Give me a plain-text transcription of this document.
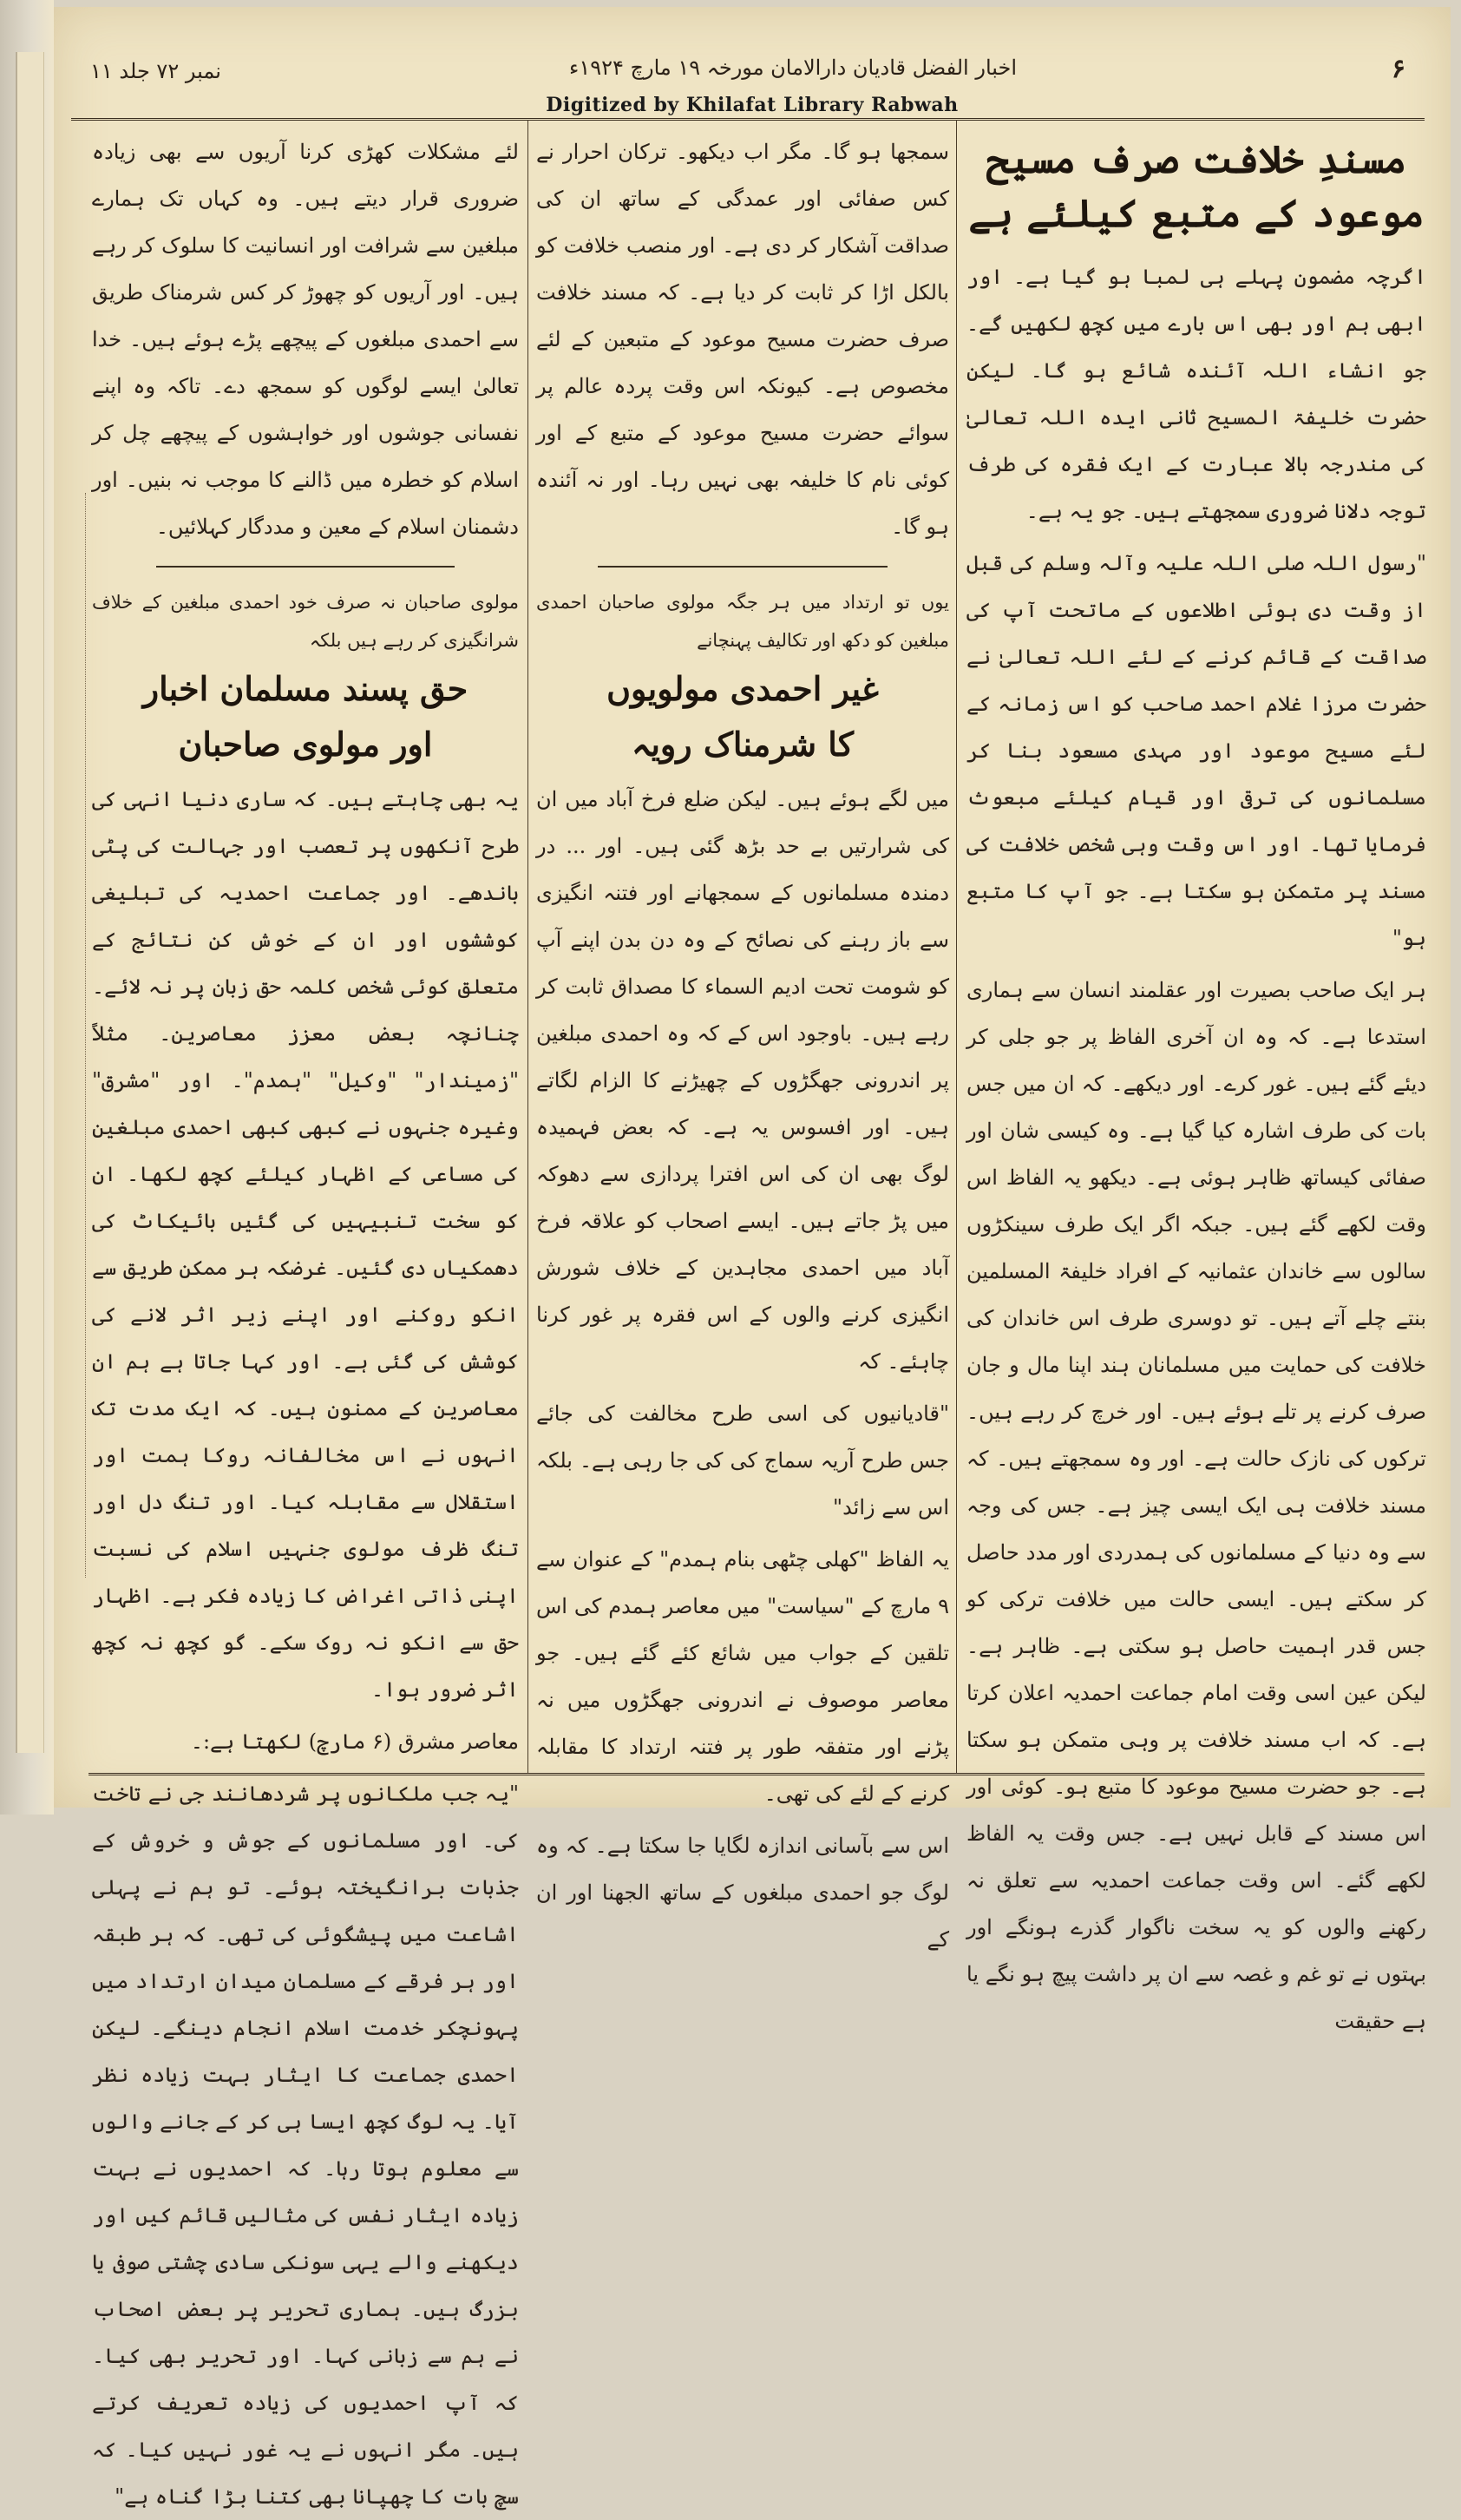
۶
اخبار الفضل قادیان دارالامان مورخہ ۱۹ مارچ ۱۹۲۴ء
نمبر ۷۲ جلد ۱۱
Digitized by Khilafat Library Rabwah
مسندِ خلافت صرف مسیح موعود کے متبع کیلئے ہے

اگرچہ مضمون پہلے ہی لمبا ہو گیا ہے۔ اور ابھی ہم اور بھی اس بارے میں کچھ لکھیں گے۔ جو انشاء اللہ آئندہ شائع ہو گا۔ لیکن حضرت خلیفۃ المسیح ثانی ایدہ اللہ تعالیٰ کی مندرجہ بالا عبارت کے ایک فقرہ کی طرف توجہ دلانا ضروری سمجھتے ہیں۔ جو یہ ہے۔

"رسول اللہ صلی اللہ علیہ وآلہ وسلم کی قبل از وقت دی ہوئی اطلاعوں کے ماتحت آپ کی صداقت کے قائم کرنے کے لئے اللہ تعالیٰ نے حضرت مرزا غلام احمد صاحب کو اس زمانہ کے لئے مسیح موعود اور مہدی مسعود بنا کر مسلمانوں کی ترقی اور قیام کیلئے مبعوث فرمایا تھا۔ اور اس وقت وہی شخص خلافت کی مسند پر متمکن ہو سکتا ہے۔ جو آپ کا متبع ہو"

ہر ایک صاحب بصیرت اور عقلمند انسان سے ہماری استدعا ہے۔ کہ وہ ان آخری الفاظ پر جو جلی کر دیئے گئے ہیں۔ غور کرے۔ اور دیکھے۔ کہ ان میں جس بات کی طرف اشارہ کیا گیا ہے۔ وہ کیسی شان اور صفائی کیساتھ ظاہر ہوئی ہے۔ دیکھو یہ الفاظ اس وقت لکھے گئے ہیں۔ جبکہ اگر ایک طرف سینکڑوں سالوں سے خاندان عثمانیہ کے افراد خلیفۃ المسلمین بنتے چلے آتے ہیں۔ تو دوسری طرف اس خاندان کی خلافت کی حمایت میں مسلمانان ہند اپنا مال و جان صرف کرنے پر تلے ہوئے ہیں۔ اور خرچ کر رہے ہیں۔ ترکوں کی نازک حالت ہے۔ اور وہ سمجھتے ہیں۔ کہ مسند خلافت ہی ایک ایسی چیز ہے۔ جس کی وجہ سے وہ دنیا کے مسلمانوں کی ہمدردی اور مدد حاصل کر سکتے ہیں۔ ایسی حالت میں خلافت ترکی کو جس قدر اہمیت حاصل ہو سکتی ہے۔ ظاہر ہے۔ لیکن عین اسی وقت امام جماعت احمدیہ اعلان کرتا ہے۔ کہ اب مسند خلافت پر وہی متمکن ہو سکتا ہے۔ جو حضرت مسیح موعود کا متبع ہو۔ کوئی اور اس مسند کے قابل نہیں ہے۔ جس وقت یہ الفاظ لکھے گئے۔ اس وقت جماعت احمدیہ سے تعلق نہ رکھنے والوں کو یہ سخت ناگوار گذرے ہونگے اور بہتوں نے تو غم و غصہ سے ان پر داشت پیچ ہو نگے یا ہے حقیقت

سمجھا ہو گا۔ مگر اب دیکھو۔ ترکان احرار نے کس صفائی اور عمدگی کے ساتھ ان کی صداقت آشکار کر دی ہے۔ اور منصب خلافت کو بالکل اڑا کر ثابت کر دیا ہے۔ کہ مسند خلافت صرف حضرت مسیح موعود کے متبعین کے لئے مخصوص ہے۔ کیونکہ اس وقت پردہ عالم پر سوائے حضرت مسیح موعود کے متبع کے اور کوئی نام کا خلیفہ بھی نہیں رہا۔ اور نہ آئندہ ہو گا۔

یوں تو ارتداد میں ہر جگہ مولوی صاحبان احمدی مبلغین کو دکھ اور تکالیف پہنچانے

غیر احمدی مولویوں
کا شرمناک رویہ

میں لگے ہوئے ہیں۔ لیکن ضلع فرخ آباد میں ان کی شرارتیں بے حد بڑھ گئی ہیں۔ اور ... در دمندہ مسلمانوں کے سمجھانے اور فتنہ انگیزی سے باز رہنے کی نصائح کے وہ دن بدن اپنے آپ کو شومت تحت ادیم السماء کا مصداق ثابت کر رہے ہیں۔ باوجود اس کے کہ وہ احمدی مبلغین پر اندرونی جھگڑوں کے چھیڑنے کا الزام لگاتے ہیں۔ اور افسوس یہ ہے۔ کہ بعض فہمیدہ لوگ بھی ان کی اس افترا پردازی سے دھوکہ میں پڑ جاتے ہیں۔ ایسے اصحاب کو علاقہ فرخ آباد میں احمدی مجاہدین کے خلاف شورش انگیزی کرنے والوں کے اس فقرہ پر غور کرنا چاہئے۔ کہ

"قادیانیوں کی اسی طرح مخالفت کی جائے جس طرح آریہ سماج کی کی جا رہی ہے۔ بلکہ اس سے زائد"

یہ الفاظ "کھلی چٹھی بنام ہمدم" کے عنوان سے ۹ مارچ کے "سیاست" میں معاصر ہمدم کی اس تلقین کے جواب میں شائع کئے گئے ہیں۔ جو معاصر موصوف نے اندرونی جھگڑوں میں نہ پڑنے اور متفقہ طور پر فتنہ ارتداد کا مقابلہ کرنے کے لئے کی تھی۔

اس سے بآسانی اندازہ لگایا جا سکتا ہے۔ کہ وہ لوگ جو احمدی مبلغوں کے ساتھ الجھنا اور ان کے

لئے مشکلات کھڑی کرنا آریوں سے بھی زیادہ ضروری قرار دیتے ہیں۔ وہ کہاں تک ہمارے مبلغین سے شرافت اور انسانیت کا سلوک کر رہے ہیں۔ اور آریوں کو چھوڑ کر کس شرمناک طریق سے احمدی مبلغوں کے پیچھے پڑے ہوئے ہیں۔ خدا تعالیٰ ایسے لوگوں کو سمجھ دے۔ تاکہ وہ اپنے نفسانی جوشوں اور خواہشوں کے پیچھے چل کر اسلام کو خطرہ میں ڈالنے کا موجب نہ بنیں۔ اور دشمنان اسلام کے معین و مددگار کہلائیں۔

مولوی صاحبان نہ صرف خود احمدی مبلغین کے خلاف شرانگیزی کر رہے ہیں بلکہ

حق پسند مسلمان اخبار
اور مولوی صاحبان

یہ بھی چاہتے ہیں۔ کہ ساری دنیا انہی کی طرح آنکھوں پر تعصب اور جہالت کی پٹی باندھے۔ اور جماعت احمدیہ کی تبلیغی کوششوں اور ان کے خوش کن نتائج کے متعلق کوئی شخص کلمہ حق زبان پر نہ لائے۔ چنانچہ بعض معزز معاصرین۔ مثلاً "زمیندار" "وکیل" "ہمدم"۔ اور "مشرق" وغیرہ جنہوں نے کبھی کبھی احمدی مبلغین کی مساعی کے اظہار کیلئے کچھ لکھا۔ ان کو سخت تنبیہیں کی گئیں بائیکاٹ کی دھمکیاں دی گئیں۔ غرضکہ ہر ممکن طریق سے انکو روکنے اور اپنے زیر اثر لانے کی کوشش کی گئی ہے۔ اور کہا جاتا ہے ہم ان معاصرین کے ممنون ہیں۔ کہ ایک مدت تک انہوں نے اس مخالفانہ روکا ہمت اور استقلال سے مقابلہ کیا۔ اور تنگ دل اور تنگ ظرف مولوی جنہیں اسلام کی نسبت اپنی ذاتی اغراض کا زیادہ فکر ہے۔ اظہار حق سے انکو نہ روک سکے۔ گو کچھ نہ کچھ اثر ضرور ہوا۔

معاصر مشرق (۶ مارچ) لکھتا ہے:۔

"یہ جب ملکانوں پر شردھانند جی نے تاخت کی۔ اور مسلمانوں کے جوش و خروش کے جذبات برانگیختہ ہوئے۔ تو ہم نے پہلی اشاعت میں پیشگوئی کی تھی۔ کہ ہر طبقہ اور ہر فرقے کے مسلمان میدان ارتداد میں پہونچکر خدمت اسلام انجام دینگے۔ لیکن احمدی جماعت کا ایثار بہت زیادہ نظر آیا۔ یہ لوگ کچھ ایسا ہی کر کے جانے والوں سے معلوم ہوتا رہا۔ کہ احمدیوں نے بہت زیادہ ایثار نفس کی مثالیں قائم کیں اور دیکھنے والے یہی سونکی سادی چشتی صوفی یا بزرگ ہیں۔ ہماری تحریر پر بعض اصحاب نے ہم سے زبانی کہا۔ اور تحریر بھی کیا۔ کہ آپ احمدیوں کی زیادہ تعریف کرتے ہیں۔ مگر انہوں نے یہ غور نہیں کیا۔ کہ سچ بات کا چھپانا بھی کتنا بڑا گناہ ہے"
